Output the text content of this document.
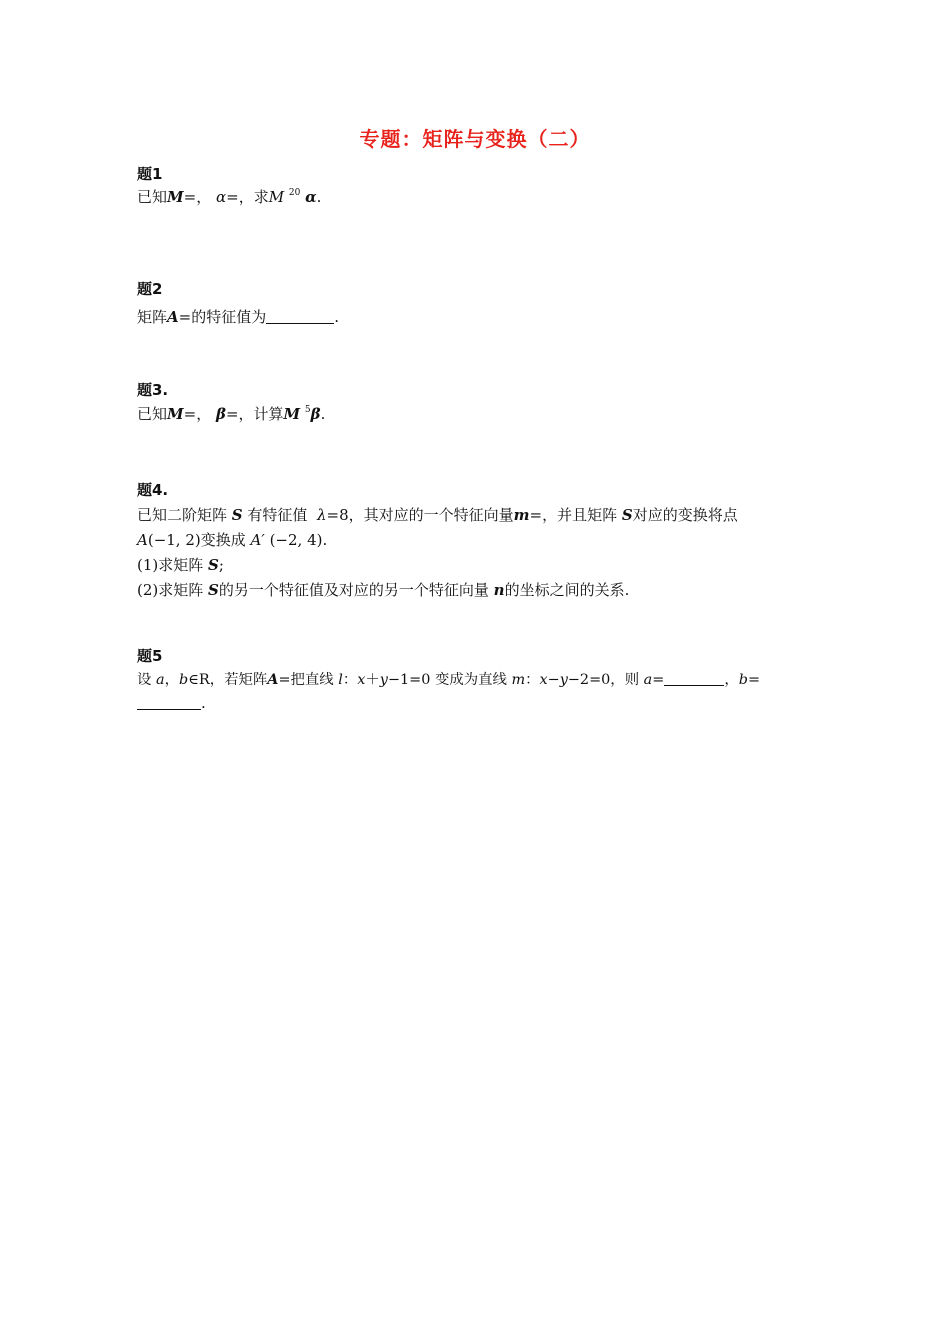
专题：矩阵与变换（二）
题1
已知M=， α=，求M $^{20}$ α.
题2
矩阵A=的特征值为	.
题3.
已知M=， β=，计算M $^5$β.
题4.
已知二阶矩阵 S 有特征值 λ=8，其对应的一个特征向量m=，并且矩阵 S对应的变换将点
A(−1, 2)变换成 A′ (−2, 4).
(1)求矩阵 S;
(2)求矩阵 S的另一个特征值及对应的另一个特征向量 n的坐标之间的关系.
题5
设 a，b∈R，若矩阵A=把直线 l：x＋y−1=0 变成为直线 m：x−y−2=0，则 a=	，b=
.
